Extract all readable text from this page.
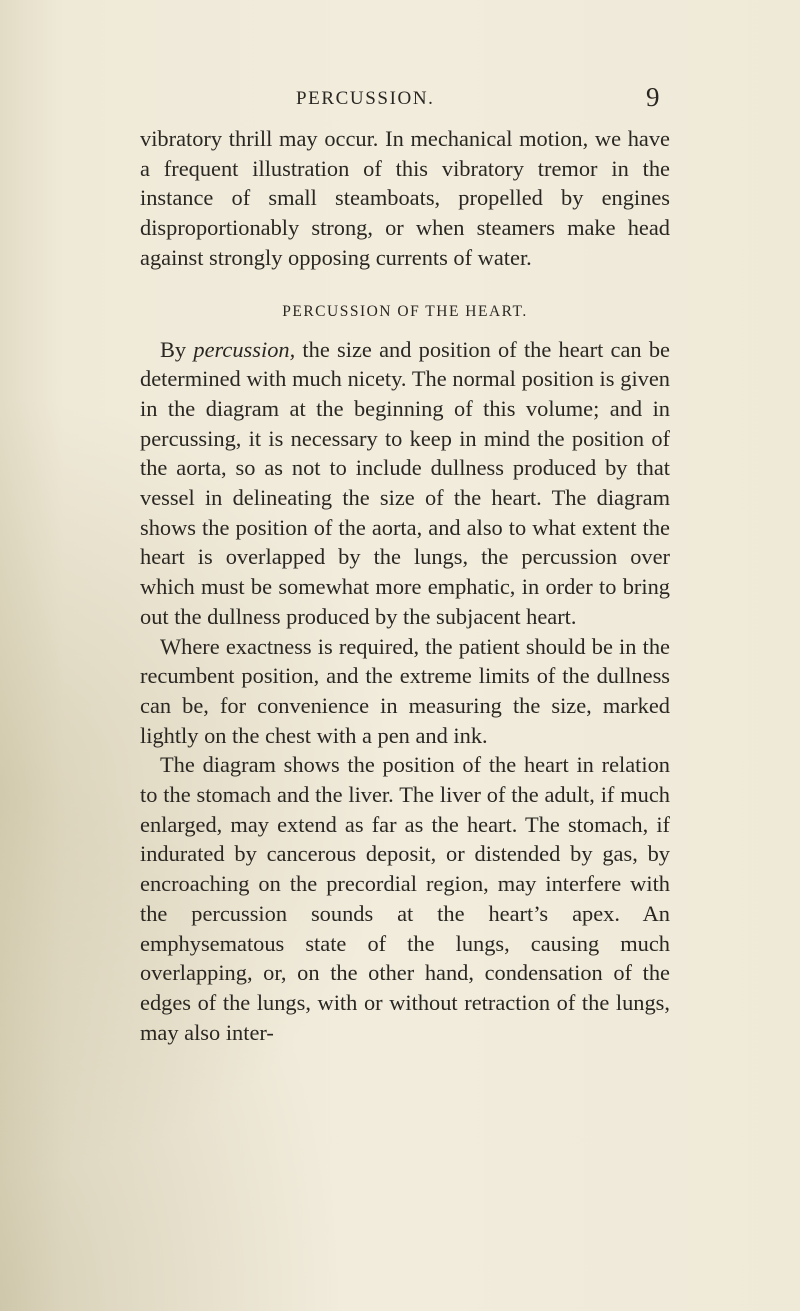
PERCUSSION.	9

vibratory thrill may occur. In mechanical motion, we have a frequent illustration of this vibratory tremor in the instance of small steamboats, propelled by engines disproportionably strong, or when steamers make head against strongly opposing currents of water.

PERCUSSION OF THE HEART.

By percussion, the size and position of the heart can be determined with much nicety. The normal position is given in the diagram at the beginning of this volume; and in percussing, it is necessary to keep in mind the position of the aorta, so as not to include dullness produced by that vessel in delineating the size of the heart. The diagram shows the position of the aorta, and also to what extent the heart is overlapped by the lungs, the percussion over which must be somewhat more emphatic, in order to bring out the dullness produced by the subjacent heart.

Where exactness is required, the patient should be in the recumbent position, and the extreme limits of the dullness can be, for convenience in measuring the size, marked lightly on the chest with a pen and ink.

The diagram shows the position of the heart in relation to the stomach and the liver. The liver of the adult, if much enlarged, may extend as far as the heart. The stomach, if indurated by cancerous deposit, or distended by gas, by encroaching on the precordial region, may interfere with the percussion sounds at the heart’s apex. An emphysematous state of the lungs, causing much overlapping, or, on the other hand, condensation of the edges of the lungs, with or without retraction of the lungs, may also inter-
